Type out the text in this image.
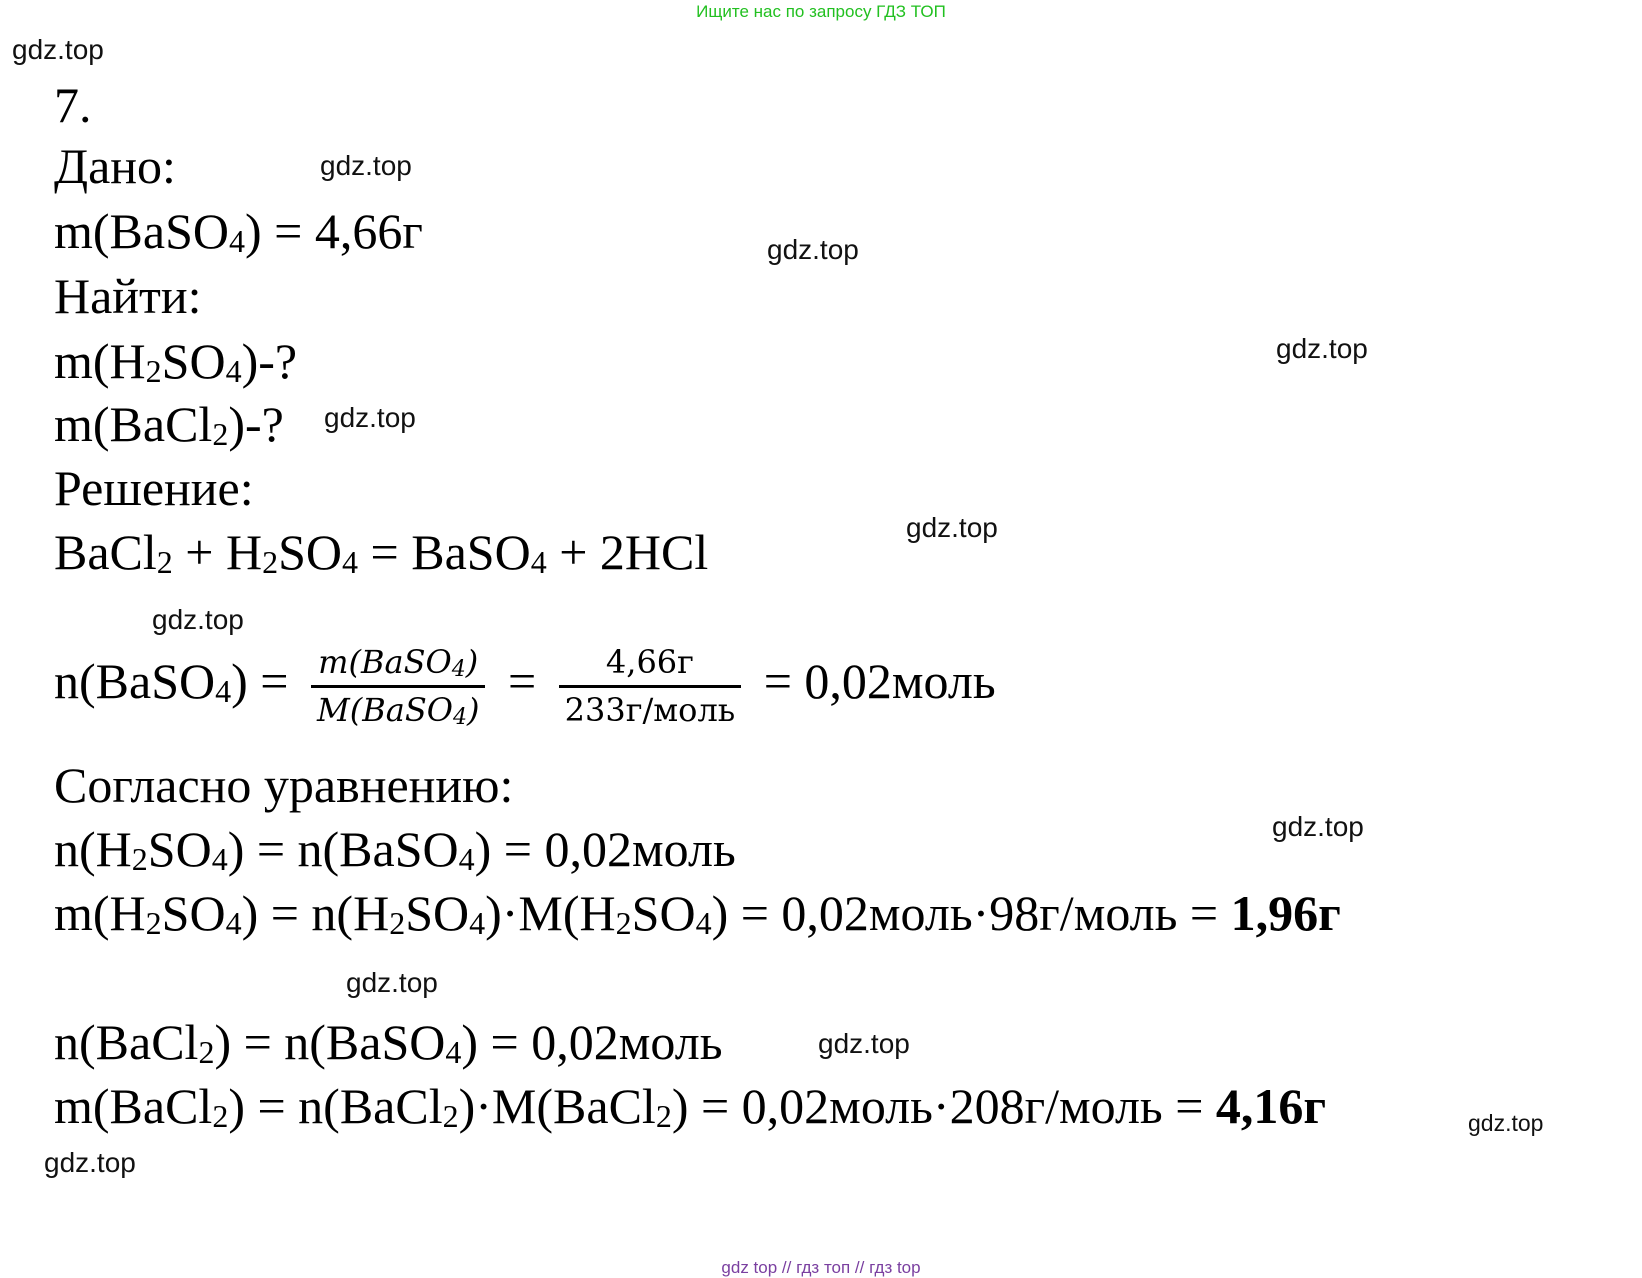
Ищите нас по запросу ГДЗ ТОП
gdz.top
gdz.top
gdz.top
gdz.top
gdz.top
gdz.top
gdz.top
gdz.top
gdz.top
gdz.top
gdz.top
gdz.top
7.
Дано:
m(BaSO$_4$) = 4,66г
Найти:
$m(H_2SO_4)-$?
m(BaCl$_2$)-?
Решение:
BaCl$_2$ + $H_2SO_4$ = BaSO$_4$ + 2HCl
n(BaSO$_4$) = $\frac{m(BaSO_4)}{M(BaSO_4)} = \frac{4,66г}{\text{233г/моль}}$ = 0,02моль
Согласно уравнению:
$n(H_2SO_4)$ = n(BaSO$_4$) = 0,02моль
$m(H_2SO_4) = n(H_2SO_4)\cdot M(H_2SO_4)$ = 0,02моль·98г/моль = 1,96г
n(BaCl$_2$) = n(BaSO$_4$) = 0,02моль
m(BaCl$_2$) = n(BaCl$_2$)·M(BaCl$_2$) = 0,02моль·208г/моль = 4,16г
gdz top // гдз топ // гдз top
